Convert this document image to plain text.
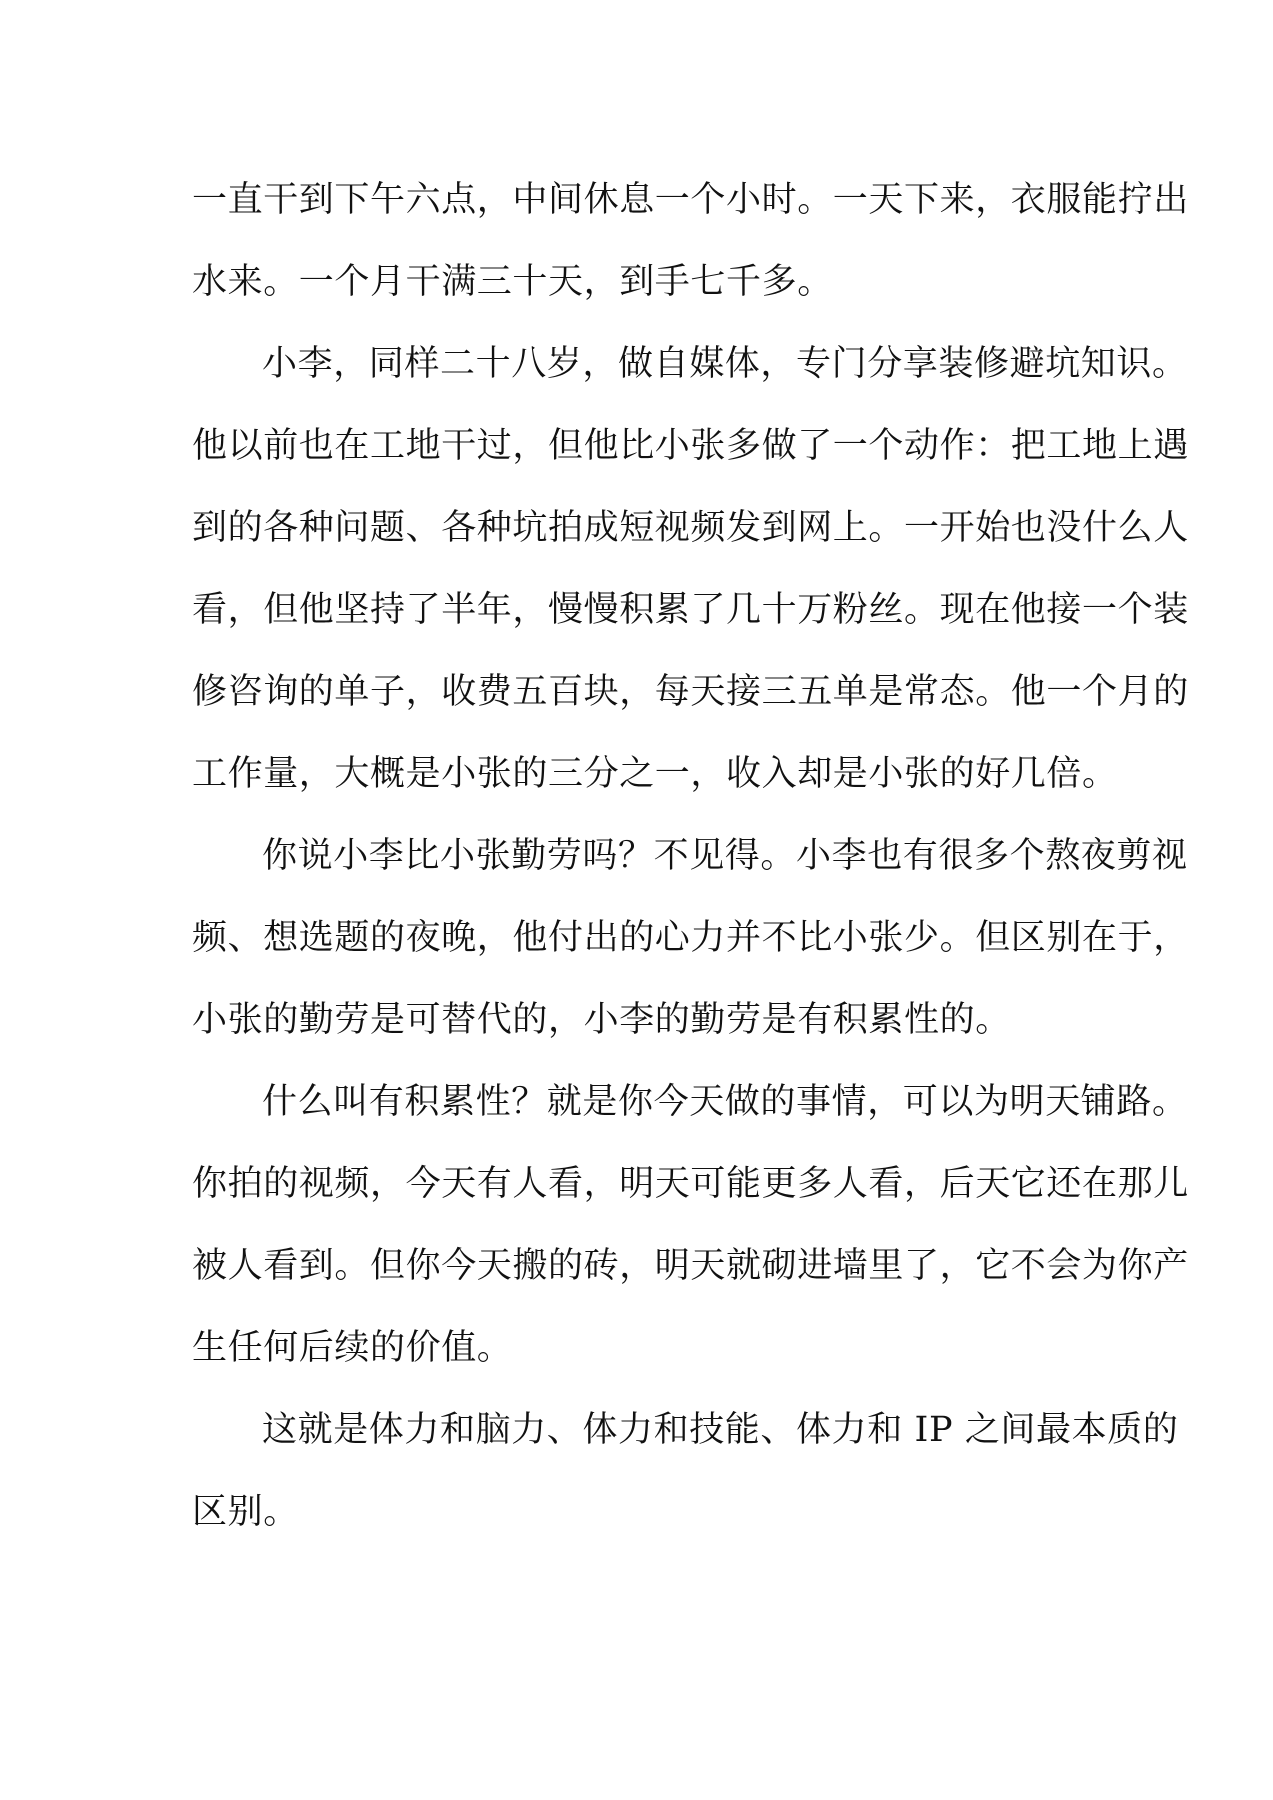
一直干到下午六点，中间休息一个小时。一天下来，衣服能拧出

水来。一个月干满三十天，到手七千多。

小李，同样二十八岁，做自媒体，专门分享装修避坑知识。

他以前也在工地干过，但他比小张多做了一个动作：把工地上遇

到的各种问题、各种坑拍成短视频发到网上。一开始也没什么人

看，但他坚持了半年，慢慢积累了几十万粉丝。现在他接一个装

修咨询的单子，收费五百块，每天接三五单是常态。他一个月的

工作量，大概是小张的三分之一，收入却是小张的好几倍。

你说小李比小张勤劳吗？不见得。小李也有很多个熬夜剪视

频、想选题的夜晚，他付出的心力并不比小张少。但区别在于，

小张的勤劳是可替代的，小李的勤劳是有积累性的。

什么叫有积累性？就是你今天做的事情，可以为明天铺路。

你拍的视频，今天有人看，明天可能更多人看，后天它还在那儿

被人看到。但你今天搬的砖，明天就砌进墙里了，它不会为你产

生任何后续的价值。

这就是体力和脑力、体力和技能、体力和 IP 之间最本质的

区别。
